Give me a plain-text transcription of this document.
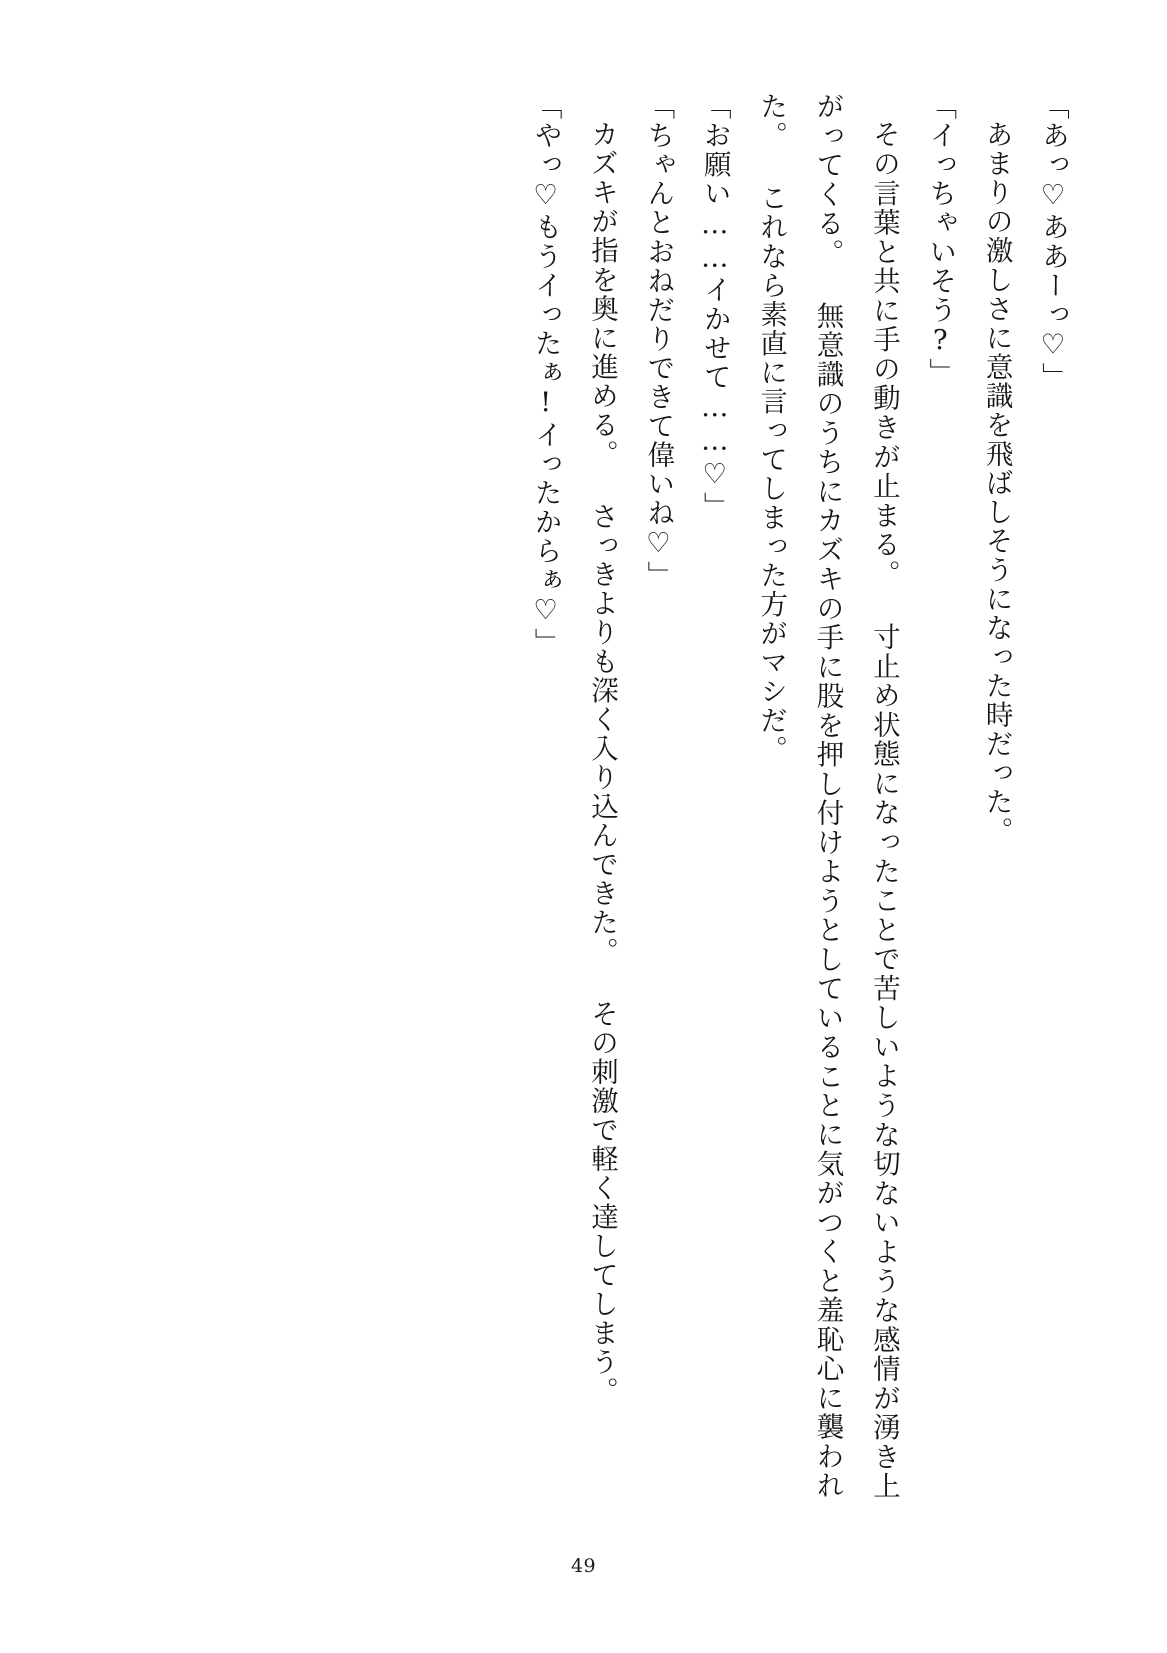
「あっ♡ああーっ♡」

あまりの激しさに意識を飛ばしそうになった時だった。

「イっちゃいそう?」

その言葉と共に手の動きが止まる。 寸止め状態になったことで苦しいような切ないような感情が湧き上がってくる。 無意識のうちにカズキの手に股を押し付けようとしていることに気がつくと羞恥心に襲われた。 これなら素直に言ってしまった方がマシだ。

「お願い……イかせて……♡」

「ちゃんとおねだりできて偉いね♡」

カズキが指を奥に進める。 さっきよりも深く入り込んできた。 その刺激で軽く達してしまう。

「やっ♡もうイったぁ!イったからぁ♡」

49
